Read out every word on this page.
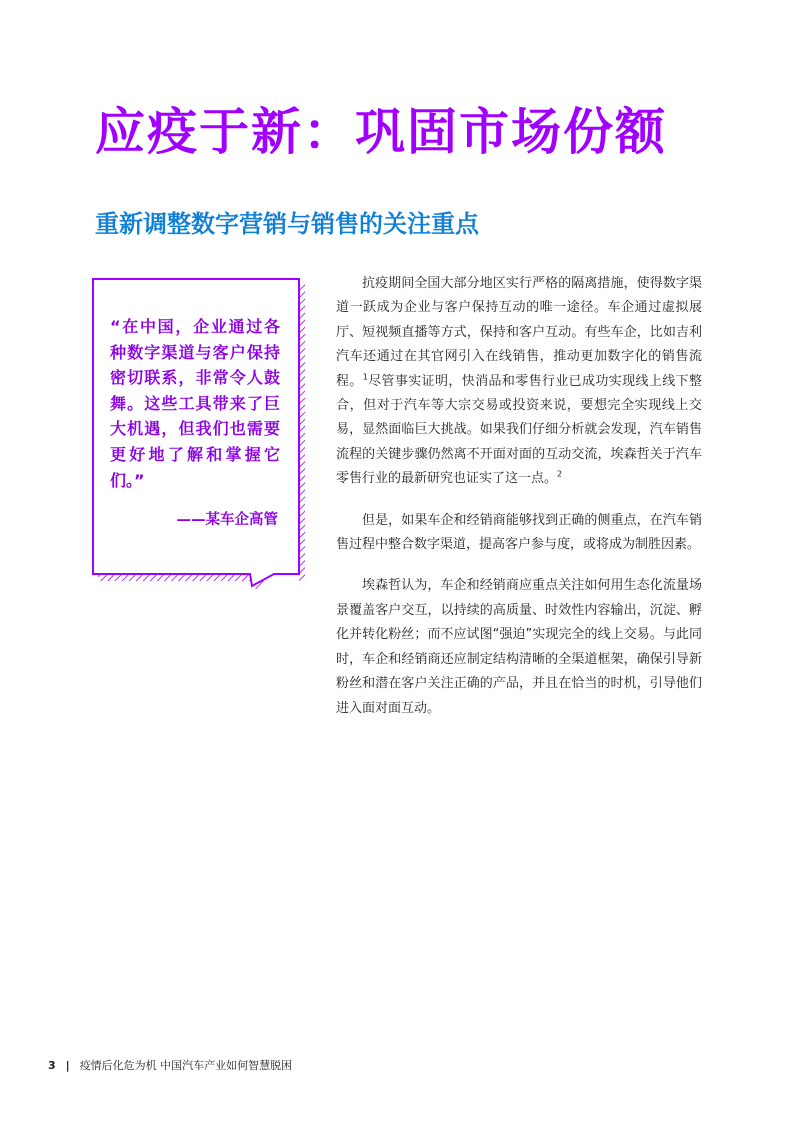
应疫于新：巩固市场份额
重新调整数字营销与销售的关注重点

“在中国，企业通过各种数字渠道与客户保持密切联系，非常令人鼓舞。这些工具带来了巨大机遇，但我们也需要更好地了解和掌握它们。”

——某车企高管

抗疫期间全国大部分地区实行严格的隔离措施，使得数字渠道一跃成为企业与客户保持互动的唯一途径。车企通过虚拟展厅、短视频直播等方式，保持和客户互动。有些车企，比如吉利汽车还通过在其官网引入在线销售，推动更加数字化的销售流程。$^1$尽管事实证明，快消品和零售行业已成功实现线上线下整合，但对于汽车等大宗交易或投资来说，要想完全实现线上交易，显然面临巨大挑战。如果我们仔细分析就会发现，汽车销售流程的关键步骤仍然离不开面对面的互动交流，埃森哲关于汽车零售行业的最新研究也证实了这一点。$^2$

但是，如果车企和经销商能够找到正确的侧重点，在汽车销售过程中整合数字渠道，提高客户参与度，或将成为制胜因素。

埃森哲认为，车企和经销商应重点关注如何用生态化流量场景覆盖客户交互，以持续的高质量、时效性内容输出，沉淀、孵化并转化粉丝；而不应试图“强迫”实现完全的线上交易。与此同时，车企和经销商还应制定结构清晰的全渠道框架，确保引导新粉丝和潜在客户关注正确的产品，并且在恰当的时机，引导他们进入面对面互动。

3 | 疫情后化危为机 中国汽车产业如何智慧脱困
